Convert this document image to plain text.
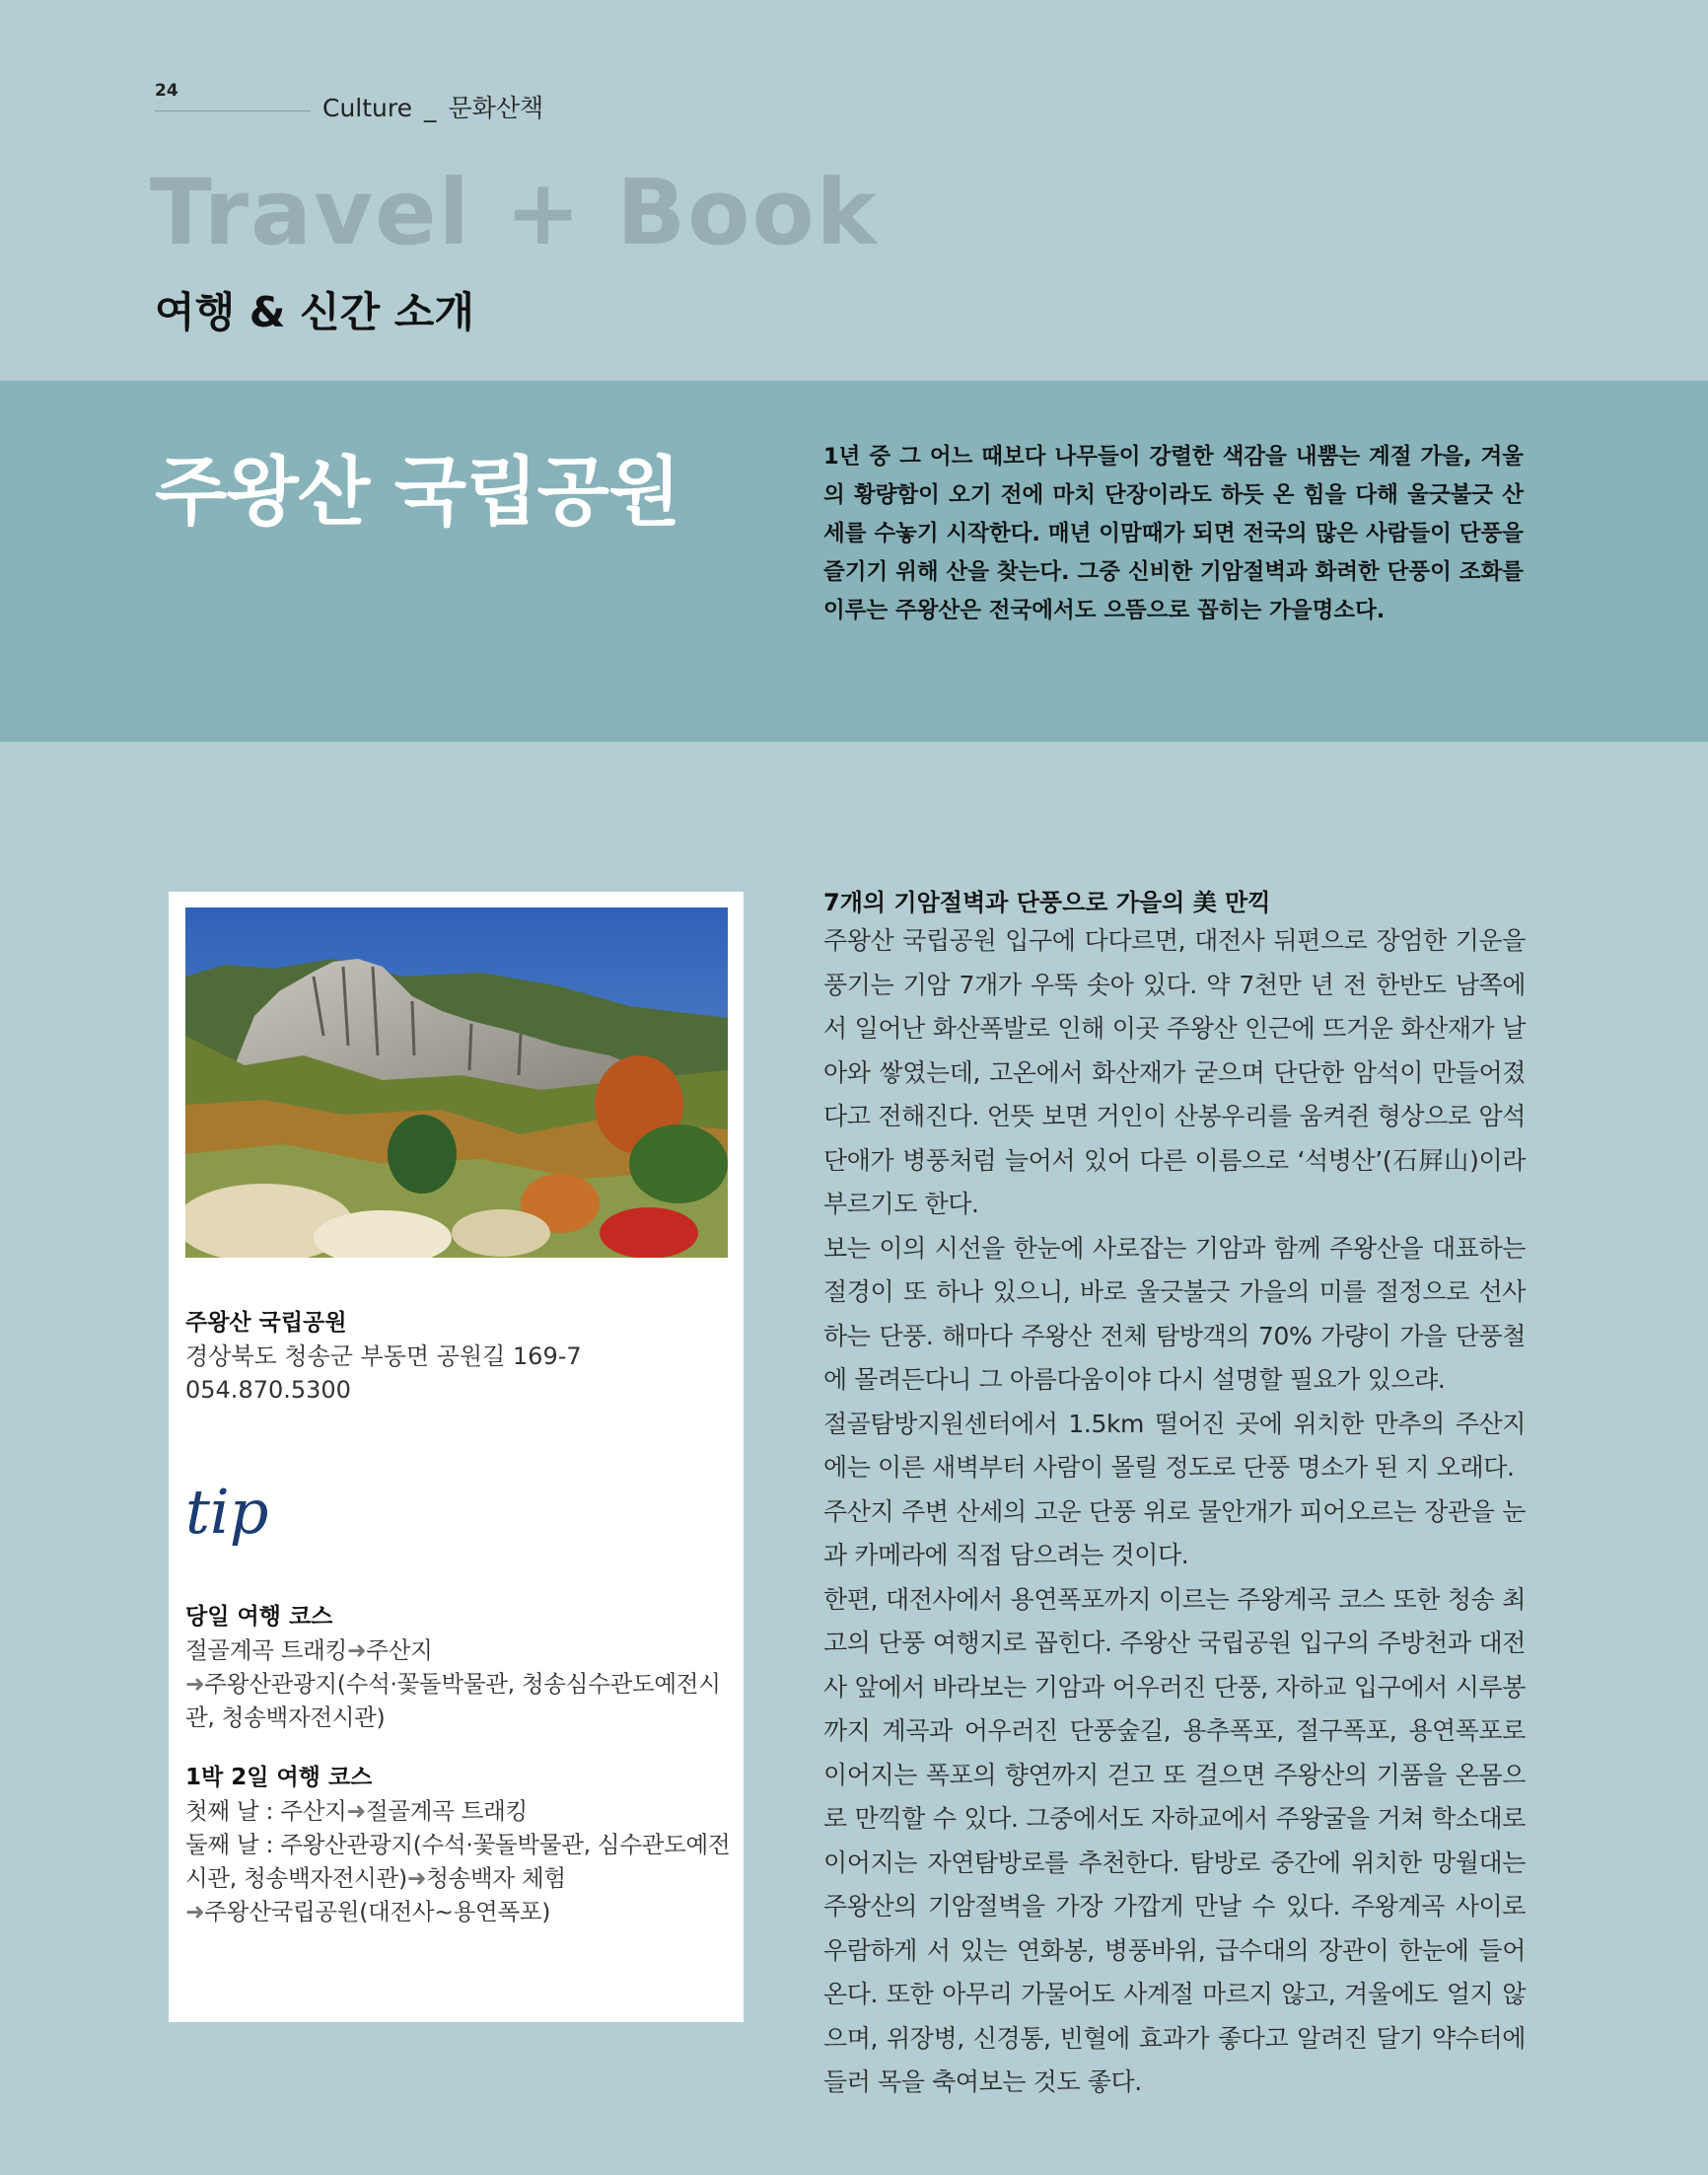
24
Culture _ 문화산책
Travel + Book
여행 & 신간 소개
주왕산 국립공원	1년 중 그 어느 때보다 나무들이 강렬한 색감을 내뿜는 계절 가을, 겨울의 황량함이 오기 전에 마치 단장이라도 하듯 온 힘을 다해 울긋불긋 산세를 수놓기 시작한다. 매년 이맘때가 되면 전국의 많은 사람들이 단풍을 즐기기 위해 산을 찾는다. 그중 신비한 기암절벽과 화려한 단풍이 조화를 이루는 주왕산은 전국에서도 으뜸으로 꼽히는 가을명소다.
주왕산 국립공원
경상북도 청송군 부동면 공원길 169-7
054.870.5300
tip
당일 여행 코스
절골계곡 트래킹➜주산지
➜주왕산관광지(수석·꽃돌박물관, 청송심수관도예전시관, 청송백자전시관)
1박 2일 여행 코스
첫째 날 : 주산지➜절골계곡 트래킹
둘째 날 : 주왕산관광지(수석·꽃돌박물관, 심수관도예전시관, 청송백자전시관)➜청송백자 체험
➜주왕산국립공원(대전사~용연폭포)
7개의 기암절벽과 단풍으로 가을의 美 만끽

주왕산 국립공원 입구에 다다르면, 대전사 뒤편으로 장엄한 기운을 풍기는 기암 7개가 우뚝 솟아 있다. 약 7천만 년 전 한반도 남쪽에서 일어난 화산폭발로 인해 이곳 주왕산 인근에 뜨거운 화산재가 날아와 쌓였는데, 고온에서 화산재가 굳으며 단단한 암석이 만들어졌다고 전해진다. 언뜻 보면 거인이 산봉우리를 움켜쥔 형상으로 암석 단애가 병풍처럼 늘어서 있어 다른 이름으로 ‘석병산’(石屛山)이라 부르기도 한다.

보는 이의 시선을 한눈에 사로잡는 기암과 함께 주왕산을 대표하는 절경이 또 하나 있으니, 바로 울긋불긋 가을의 미를 절정으로 선사하는 단풍. 해마다 주왕산 전체 탐방객의 70% 가량이 가을 단풍철에 몰려든다니 그 아름다움이야 다시 설명할 필요가 있으랴.

절골탐방지원센터에서 1.5km 떨어진 곳에 위치한 만추의 주산지에는 이른 새벽부터 사람이 몰릴 정도로 단풍 명소가 된 지 오래다.

주산지 주변 산세의 고운 단풍 위로 물안개가 피어오르는 장관을 눈과 카메라에 직접 담으려는 것이다.

한편, 대전사에서 용연폭포까지 이르는 주왕계곡 코스 또한 청송 최고의 단풍 여행지로 꼽힌다. 주왕산 국립공원 입구의 주방천과 대전사 앞에서 바라보는 기암과 어우러진 단풍, 자하교 입구에서 시루봉까지 계곡과 어우러진 단풍숲길, 용추폭포, 절구폭포, 용연폭포로 이어지는 폭포의 향연까지 걷고 또 걸으면 주왕산의 기품을 온몸으로 만끽할 수 있다. 그중에서도 자하교에서 주왕굴을 거쳐 학소대로 이어지는 자연탐방로를 추천한다. 탐방로 중간에 위치한 망월대는 주왕산의 기암절벽을 가장 가깝게 만날 수 있다. 주왕계곡 사이로 우람하게 서 있는 연화봉, 병풍바위, 급수대의 장관이 한눈에 들어온다. 또한 아무리 가물어도 사계절 마르지 않고, 겨울에도 얼지 않으며, 위장병, 신경통, 빈혈에 효과가 좋다고 알려진 달기 약수터에 들러 목을 축여보는 것도 좋다.
